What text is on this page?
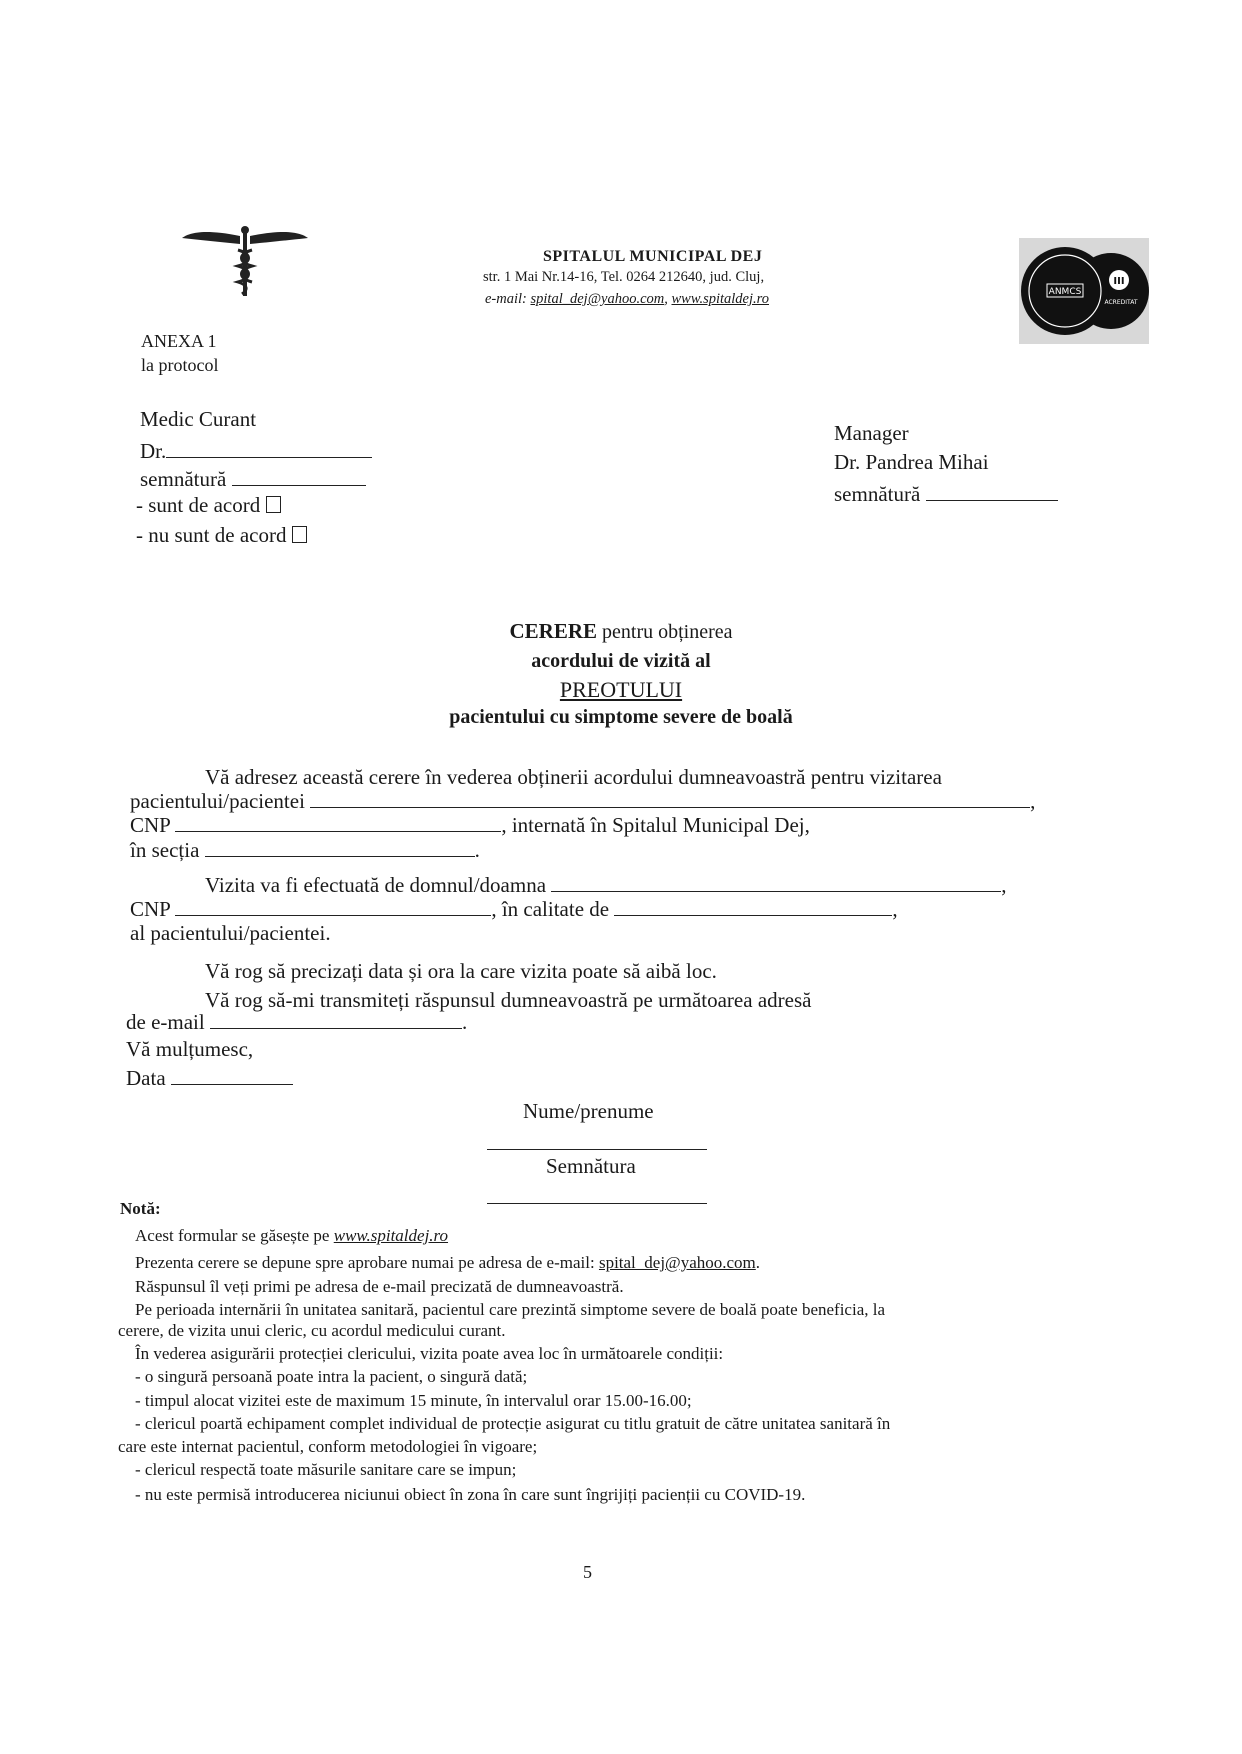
SPITALUL MUNICIPAL DEJ
str. 1 Mai Nr.14-16, Tel. 0264 212640, jud. Cluj,
e-mail: spital_dej@yahoo.com, www.spitaldej.ro	ANMCS
III
ACREDITAT
ANEXA 1
la protocol
Medic Curant
Dr.
semnătură
- sunt de acord
- nu sunt de acord
Manager
Dr. Pandrea Mihai
semnătură
CERERE pentru obținerea
acordului de vizită al
PREOTULUI
pacientului cu simptome severe de boală
Vă adresez această cerere în vederea obținerii acordului dumneavoastră pentru vizitarea
pacientului/pacientei	,
CNP	, internată în Spitalul Municipal Dej,
în secția	.
Vizita va fi efectuată de domnul/doamna	,
CNP	, în calitate de	,
al pacientului/pacientei.
Vă rog să precizați data și ora la care vizita poate să aibă loc.
Vă rog să-mi transmiteți răspunsul dumneavoastră pe următoarea adresă
de e-mail	.
Vă mulțumesc,
Data
Nume/prenume
Semnătura
Notă:
Acest formular se găsește pe www.spitaldej.ro
Prezenta cerere se depune spre aprobare numai pe adresa de e-mail: spital_dej@yahoo.com.
Răspunsul îl veți primi pe adresa de e-mail precizată de dumneavoastră.
Pe perioada internării în unitatea sanitară, pacientul care prezintă simptome severe de boală poate beneficia, la
cerere, de vizita unui cleric, cu acordul medicului curant.
În vederea asigurării protecției clericului, vizita poate avea loc în următoarele condiții:
- o singură persoană poate intra la pacient, o singură dată;
- timpul alocat vizitei este de maximum 15 minute, în intervalul orar 15.00-16.00;
- clericul poartă echipament complet individual de protecție asigurat cu titlu gratuit de către unitatea sanitară în
care este internat pacientul, conform metodologiei în vigoare;
- clericul respectă toate măsurile sanitare care se impun;
- nu este permisă introducerea niciunui obiect în zona în care sunt îngrijiți pacienții cu COVID-19.
5
